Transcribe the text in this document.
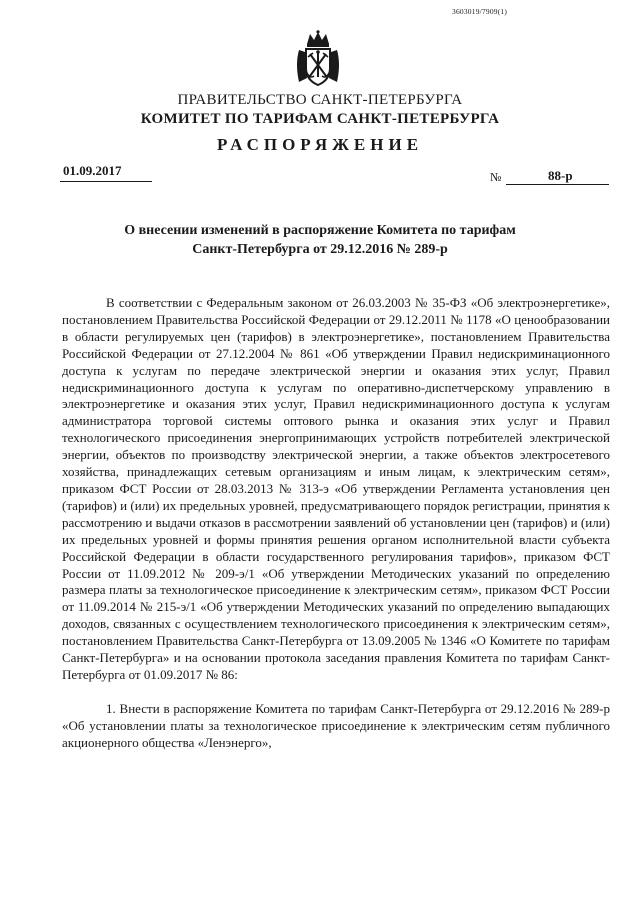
3603019/7909(1)
ПРАВИТЕЛЬСТВО САНКТ-ПЕТЕРБУРГА
КОМИТЕТ ПО ТАРИФАМ САНКТ-ПЕТЕРБУРГА
РАСПОРЯЖЕНИЕ
01.09.2017	№	88-р
О внесении изменений в распоряжение Комитета по тарифам
Санкт-Петербурга от 29.12.2016 № 289-р

В соответствии с Федеральным законом от 26.03.2003 № 35-ФЗ «Об электроэнергетике», постановлением Правительства Российской Федерации от 29.12.2011 № 1178 «О ценообразовании в области регулируемых цен (тарифов) в электроэнергетике», постановлением Правительства Российской Федерации от 27.12.2004 № 861 «Об утверждении Правил недискриминационного доступа к услугам по передаче электрической энергии и оказания этих услуг, Правил недискриминационного доступа к услугам по оперативно-диспетчерскому управлению в электроэнергетике и оказания этих услуг, Правил недискриминационного доступа к услугам администратора торговой системы оптового рынка и оказания этих услуг и Правил технологического присоединения энергопринимающих устройств потребителей электрической энергии, объектов по производству электрической энергии, а также объектов электросетевого хозяйства, принадлежащих сетевым организациям и иным лицам, к электрическим сетям», приказом ФСТ России от 28.03.2013 № 313-э «Об утверждении Регламента установления цен (тарифов) и (или) их предельных уровней, предусматривающего порядок регистрации, принятия к рассмотрению и выдачи отказов в рассмотрении заявлений об установлении цен (тарифов) и (или) их предельных уровней и формы принятия решения органом исполнительной власти субъекта Российской Федерации в области государственного регулирования тарифов», приказом ФСТ России от 11.09.2012 № 209-э/1 «Об утверждении Методических указаний по определению размера платы за технологическое присоединение к электрическим сетям», приказом ФСТ России от 11.09.2014 № 215-э/1 «Об утверждении Методических указаний по определению выпадающих доходов, связанных с осуществлением технологического присоединения к электрическим сетям», постановлением Правительства Санкт-Петербурга от 13.09.2005 № 1346 «О Комитете по тарифам Санкт-Петербурга» и на основании протокола заседания правления Комитета по тарифам Санкт-Петербурга от 01.09.2017 № 86:

1. Внести в распоряжение Комитета по тарифам Санкт-Петербурга от 29.12.2016 № 289-р «Об установлении платы за технологическое присоединение к электрическим сетям публичного акционерного общества «Ленэнерго»,
